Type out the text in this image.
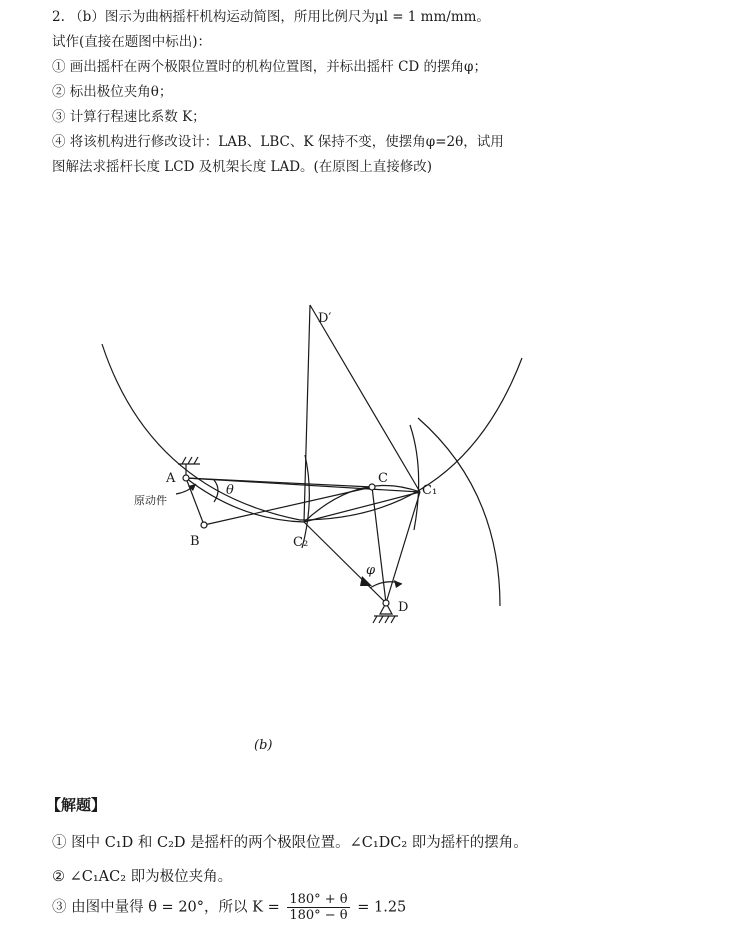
2. （b）图示为曲柄摇杆机构运动简图，所用比例尺为μl = 1 mm/mm。
试作(直接在题图中标出)：
① 画出摇杆在两个极限位置时的机构位置图，并标出摇杆 CD 的摆角φ；
② 标出极位夹角θ；
③ 计算行程速比系数 K；
④ 将该机构进行修改设计：LAB、LBC、K 保持不变，使摆角φ=2θ，试用
图解法求摇杆长度 LCD 及机架长度 LAD。(在原图上直接修改)
D′
A
θ
C
C₁
原动件
B	C₂
φ
D
(b)
【解题】
① 图中 C₁D 和 C₂D 是摇杆的两个极限位置。∠C₁DC₂ 即为摇杆的摆角。
② ∠C₁AC₂ 即为极位夹角。
③ 由图中量得 θ = 20°，所以 $K = \frac{180^\circ + \theta}{180^\circ - \theta} = 1.25$
